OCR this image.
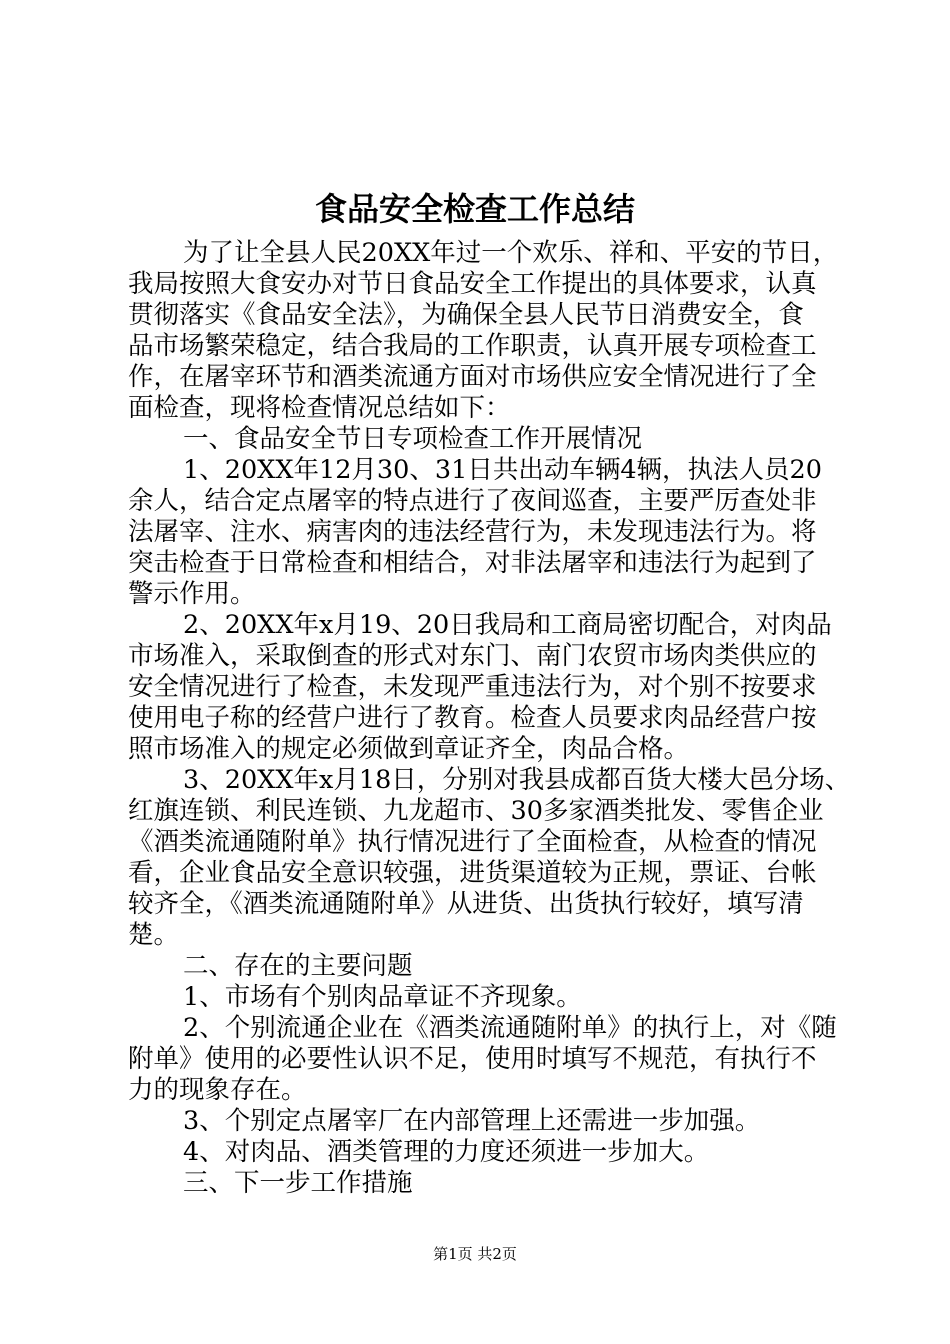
食品安全检查工作总结

为了让全县人民20XX年过一个欢乐、祥和、平安的节日，

我局按照大食安办对节日食品安全工作提出的具体要求，认真

贯彻落实《食品安全法》，为确保全县人民节日消费安全，食

品市场繁荣稳定，结合我局的工作职责，认真开展专项检查工

作，在屠宰环节和酒类流通方面对市场供应安全情况进行了全

面检查，现将检查情况总结如下：

一、食品安全节日专项检查工作开展情况

1、20XX年12月30、31日共出动车辆4辆，执法人员20

余人，结合定点屠宰的特点进行了夜间巡查，主要严厉查处非

法屠宰、注水、病害肉的违法经营行为，未发现违法行为。将

突击检查于日常检查和相结合，对非法屠宰和违法行为起到了

警示作用。

2、20XX年x月19、20日我局和工商局密切配合，对肉品

市场准入，采取倒查的形式对东门、南门农贸市场肉类供应的

安全情况进行了检查，未发现严重违法行为，对个别不按要求

使用电子称的经营户进行了教育。检查人员要求肉品经营户按

照市场准入的规定必须做到章证齐全，肉品合格。

3、20XX年x月18日，分别对我县成都百货大楼大邑分场、

红旗连锁、利民连锁、九龙超市、30多家酒类批发、零售企业

《酒类流通随附单》执行情况进行了全面检查，从检查的情况

看，企业食品安全意识较强，进货渠道较为正规，票证、台帐

较齐全，《酒类流通随附单》从进货、出货执行较好，填写清

楚。

二、存在的主要问题

1、市场有个别肉品章证不齐现象。

2、个别流通企业在《酒类流通随附单》的执行上，对《随

附单》使用的必要性认识不足，使用时填写不规范，有执行不

力的现象存在。

3、个别定点屠宰厂在内部管理上还需进一步加强。

4、对肉品、酒类管理的力度还须进一步加大。

三、下一步工作措施

第1页 共2页
